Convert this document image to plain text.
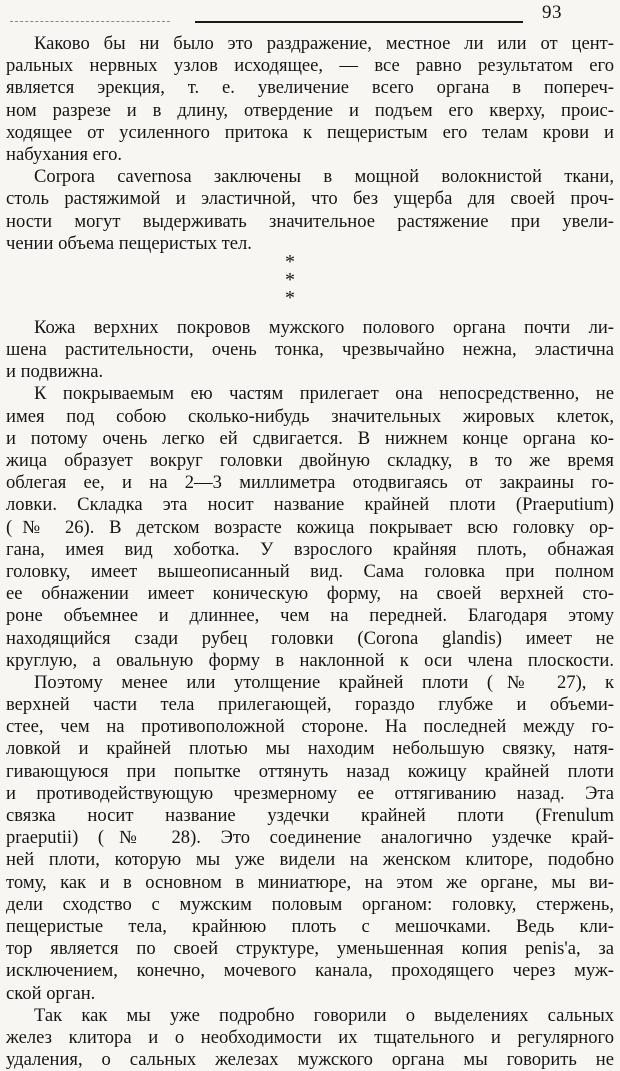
93
Каково бы ни было это раздражение, местное ли или от цент-
ральных нервных узлов исходящее, — все равно результатом его
является эрекция, т. е. увеличение всего органа в попереч-
ном разрезе и в длину, отвердение и подъем его кверху, проис-
ходящее от усиленного притока к пещеристым его телам крови и
набухания его.
Corpora cavernosa заключены в мощной волокнистой ткани,
столь растяжимой и эластичной, что без ущерба для своей проч-
ности могут выдерживать значительное растяжение при увели-
чении объема пещеристых тел.
Кожа верхних покровов мужского полового органа почти ли-
шена растительности, очень тонка, чрезвычайно нежна, эластична
и подвижна.
К покрываемым ею частям прилегает она непосредственно, не
имея под собою сколько-нибудь значительных жировых клеток,
и потому очень легко ей сдвигается. В нижнем конце органа ко-
жица образует вокруг головки двойную складку, в то же время
облегая ее, и на 2—3 миллиметра отодвигаясь от закраины го-
ловки. Складка эта носит название крайней плоти (Praeputium)
(№ 26). В детском возрасте кожица покрывает всю головку ор-
гана, имея вид хоботка. У взрослого крайняя плоть, обнажая
головку, имеет вышеописанный вид. Сама головка при полном
ее обнажении имеет коническую форму, на своей верхней сто-
роне объемнее и длиннее, чем на передней. Благодаря этому
находящийся сзади рубец головки (Corona glandis) имеет не
круглую, а овальную форму в наклонной к оси члена плоскости.
Поэтому менее или утолщение крайней плоти (№ 27), к
верхней части тела прилегающей, гораздо глубже и объеми-
стее, чем на противоположной стороне. На последней между го-
ловкой и крайней плотью мы находим небольшую связку, натя-
гивающуюся при попытке оттянуть назад кожицу крайней плоти
и противодействующую чрезмерному ее оттягиванию назад. Эта
связка носит название уздечки крайней плоти (Frenulum
praeputii) (№ 28). Это соединение аналогично уздечке край-
ней плоти, которую мы уже видели на женском клиторе, подобно
тому, как и в основном в миниатюре, на этом же органе, мы ви-
дели сходство с мужским половым органом: головку, стержень,
пещеристые тела, крайнюю плоть с мешочками. Ведь кли-
тор является по своей структуре, уменьшенная копия penis'a, за
исключением, конечно, мочевого канала, проходящего через муж-
ской орган.
Так как мы уже подробно говорили о выделениях сальных
желез клитора и о необходимости их тщательного и регулярного
удаления, о сальных железах мужского органа мы говорить не
* *
*
